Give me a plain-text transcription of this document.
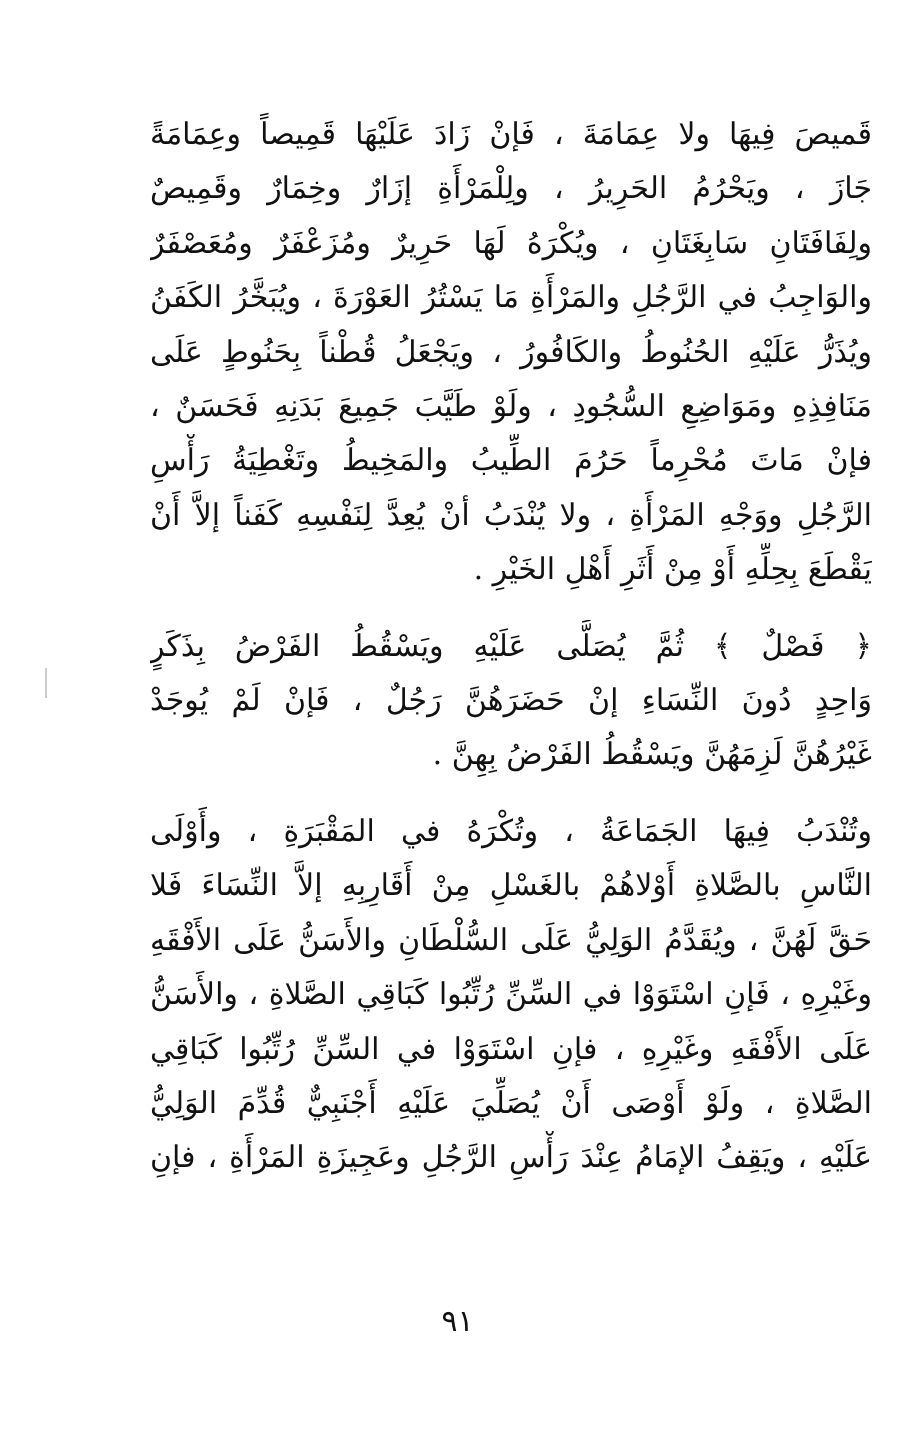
قَميصَ فِيهَا ولا عِمَامَةَ ، فَإنْ زَادَ عَلَيْهَا قَمِيصاً وعِمَامَةً
جَازَ ، ويَحْرُمُ الحَرِيرُ ، ولِلْمَرْأَةِ إزَارٌ وخِمَارٌ وقَمِيصٌ
ولِفَافَتَانِ سَابِغَتَانِ ، ويُكْرَهُ لَهَا حَرِيرٌ ومُزَعْفَرٌ ومُعَصْفَرٌ
والوَاجِبُ في الرَّجُلِ والمَرْأَةِ مَا يَسْتُرُ العَوْرَةَ ، ويُبَخَّرُ الكَفَنُ
ويُذَرُّ عَلَيْهِ الحُنُوطُ والكَافُورُ ، ويَجْعَلُ قُطْناً بِحَنُوطٍ عَلَى
مَنَافِذِهِ ومَوَاضِعِ السُّجُودِ ، ولَوْ طَيَّبَ جَمِيعَ بَدَنِهِ فَحَسَنٌ ،
فإنْ مَاتَ مُحْرِماً حَرُمَ الطِّيبُ والمَخِيطُ وتَغْطِيَةُ رَأْسِ
الرَّجُلِ ووَجْهِ المَرْأَةِ ، ولا يُنْدَبُ أنْ يُعِدَّ لِنَفْسِهِ كَفَناً إلاَّ أَنْ
يَقْطَعَ بِحِلِّهِ أَوْ مِنْ أَثَرِ أَهْلِ الخَيْرِ .
﴿ فَصْلٌ ﴾ ثُمَّ يُصَلَّى عَلَيْهِ ويَسْقُطُ الفَرْضُ بِذَكَرٍ
وَاحِدٍ دُونَ النِّسَاءِ إنْ حَضَرَهُنَّ رَجُلٌ ، فَإنْ لَمْ يُوجَدْ
غَيْرُهُنَّ لَزِمَهُنَّ ويَسْقُطُ الفَرْضُ بِهِنَّ .
وتُنْدَبُ فِيهَا الجَمَاعَةُ ، وتُكْرَهُ في المَقْبَرَةِ ، وأَوْلَى
النَّاسِ بالصَّلاةِ أَوْلاهُمْ بالغَسْلِ مِنْ أَقَارِبِهِ إلاَّ النِّسَاءَ فَلا
حَقَّ لَهُنَّ ، ويُقَدَّمُ الوَلِيُّ عَلَى السُّلْطَانِ والأَسَنُّ عَلَى الأَفْقَهِ
وغَيْرِهِ ، فَإنِ اسْتَوَوْا في السِّنِّ رُتِّبُوا كَبَاقِي الصَّلاةِ ، والأَسَنُّ
عَلَى الأَفْقَهِ وغَيْرِهِ ، فإنِ اسْتَوَوْا في السِّنِّ رُتِّبُوا كَبَاقِي
الصَّلاةِ ، ولَوْ أَوْصَى أَنْ يُصَلِّيَ عَلَيْهِ أَجْنَبِيٌّ قُدِّمَ الوَلِيُّ
عَلَيْهِ ، ويَقِفُ الإمَامُ عِنْدَ رَأْسِ الرَّجُلِ وعَجِيزَةِ المَرْأَةِ ، فإنِ
٩١
